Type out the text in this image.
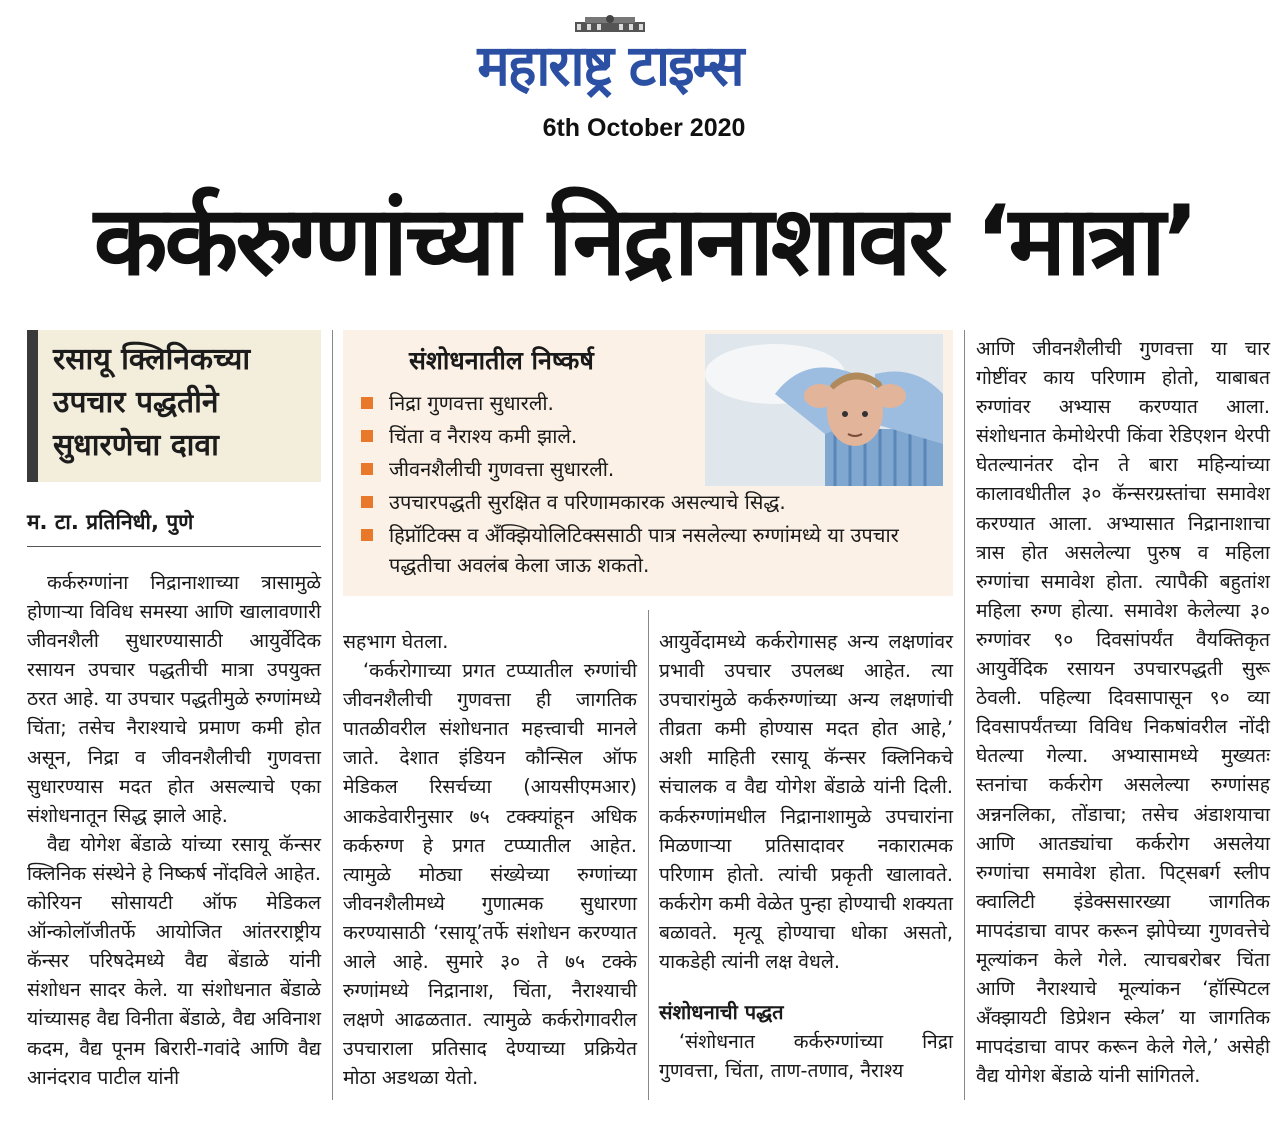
महाराष्ट्र टाइम्स
6th October 2020
कर्करुग्णांच्या निद्रानाशावर ‘मात्रा’
रसायू क्लिनिकच्या उपचार पद्धतीने सुधारणेचा दावा
म. टा. प्रतिनिधी, पुणे
संशोधनातील निष्कर्ष
निद्रा गुणवत्ता सुधारली.
चिंता व नैराश्य कमी झाले.
जीवनशैलीची गुणवत्ता सुधारली.
उपचारपद्धती सुरक्षित व परिणामकारक असल्याचे सिद्ध.
हिप्नॉटिक्स व ॲंक्झियोलिटिक्ससाठी पात्र नसलेल्या रुग्णांमध्ये या उपचार पद्धतीचा अवलंब केला जाऊ शकतो.

कर्करुग्णांना निद्रानाशाच्या त्रासामुळे होणाऱ्या विविध समस्या आणि खालावणारी जीवनशैली सुधारण्यासाठी आयुर्वेदिक रसायन उपचार पद्धतीची मात्रा उपयुक्त ठरत आहे. या उपचार पद्धतीमुळे रुग्णांमध्ये चिंता; तसेच नैराश्याचे प्रमाण कमी होत असून, निद्रा व जीवनशैलीची गुणवत्ता सुधारण्यास मदत होत असल्याचे एका संशोधनातून सिद्ध झाले आहे.

वैद्य योगेश बेंडाळे यांच्या रसायू कॅन्सर क्लिनिक संस्थेने हे निष्कर्ष नोंदविले आहेत. कोरियन सोसायटी ऑफ मेडिकल ऑन्कोलॉजीतर्फे आयोजित आंतरराष्ट्रीय कॅन्सर परिषदेमध्ये वैद्य बेंडाळे यांनी संशोधन सादर केले. या संशोधनात बेंडाळे यांच्यासह वैद्य विनीता बेंडाळे, वैद्य अविनाश कदम, वैद्य पूनम बिरारी-गवांदे आणि वैद्य आनंदराव पाटील यांनी

सहभाग घेतला.

‘कर्करोगाच्या प्रगत टप्प्यातील रुग्णांची जीवनशैलीची गुणवत्ता ही जागतिक पातळीवरील संशोधनात महत्त्वाची मानले जाते. देशात इंडियन कौन्सिल ऑफ मेडिकल रिसर्चच्या (आयसीएमआर) आकडेवारीनुसार ७५ टक्क्यांहून अधिक कर्करुग्ण हे प्रगत टप्प्यातील आहेत. त्यामुळे मोठ्या संख्येच्या रुग्णांच्या जीवनशैलीमध्ये गुणात्मक सुधारणा करण्यासाठी ‘रसायू’तर्फे संशोधन करण्यात आले आहे. सुमारे ३० ते ७५ टक्के रुग्णांमध्ये निद्रानाश, चिंता, नैराश्याची लक्षणे आढळतात. त्यामुळे कर्करोगावरील उपचाराला प्रतिसाद देण्याच्या प्रक्रियेत मोठा अडथळा येतो.

आयुर्वेदामध्ये कर्करोगासह अन्य लक्षणांवर प्रभावी उपचार उपलब्ध आहेत. त्या उपचारांमुळे कर्करुग्णांच्या अन्य लक्षणांची तीव्रता कमी होण्यास मदत होत आहे,’ अशी माहिती रसायू कॅन्सर क्लिनिकचे संचालक व वैद्य योगेश बेंडाळे यांनी दिली. कर्करुग्णांमधील निद्रानाशामुळे उपचारांना मिळणाऱ्या प्रतिसादावर नकारात्मक परिणाम होतो. त्यांची प्रकृती खालावते. कर्करोग कमी वेळेत पुन्हा होण्याची शक्यता बळावते. मृत्यू होण्याचा धोका असतो, याकडेही त्यांनी लक्ष वेधले.

संशोधनाची पद्धत

‘संशोधनात कर्करुग्णांच्या निद्रा गुणवत्ता, चिंता, ताण-तणाव, नैराश्य

आणि जीवनशैलीची गुणवत्ता या चार गोष्टींवर काय परिणाम होतो, याबाबत रुग्णांवर अभ्यास करण्यात आला. संशोधनात केमोथेरपी किंवा रेडिएशन थेरपी घेतल्यानंतर दोन ते बारा महिन्यांच्या कालावधीतील ३० कॅन्सरग्रस्तांचा समावेश करण्यात आला. अभ्यासात निद्रानाशाचा त्रास होत असलेल्या पुरुष व महिला रुग्णांचा समावेश होता. त्यापैकी बहुतांश महिला रुग्ण होत्या. समावेश केलेल्या ३० रुग्णांवर ९० दिवसांपर्यंत वैयक्तिकृत आयुर्वेदिक रसायन उपचारपद्धती सुरू ठेवली. पहिल्या दिवसापासून ९० व्या दिवसापर्यंतच्या विविध निकषांवरील नोंदी घेतल्या गेल्या. अभ्यासामध्ये मुख्यतः स्तनांचा कर्करोग असलेल्या रुग्णांसह अन्ननलिका, तोंडाचा; तसेच अंडाशयाचा आणि आतड्यांचा कर्करोग असलेया रुग्णांचा समावेश होता. पिट्सबर्ग स्लीप क्वालिटी इंडेक्ससारख्या जागतिक मापदंडाचा वापर करून झोपेच्या गुणवत्तेचे मूल्यांकन केले गेले. त्याचबरोबर चिंता आणि नैराश्याचे मूल्यांकन ‘हॉस्पिटल ॲंक्झायटी डिप्रेशन स्केल’ या जागतिक मापदंडाचा वापर करून केले गेले,’ असेही वैद्य योगेश बेंडाळे यांनी सांगितले.
